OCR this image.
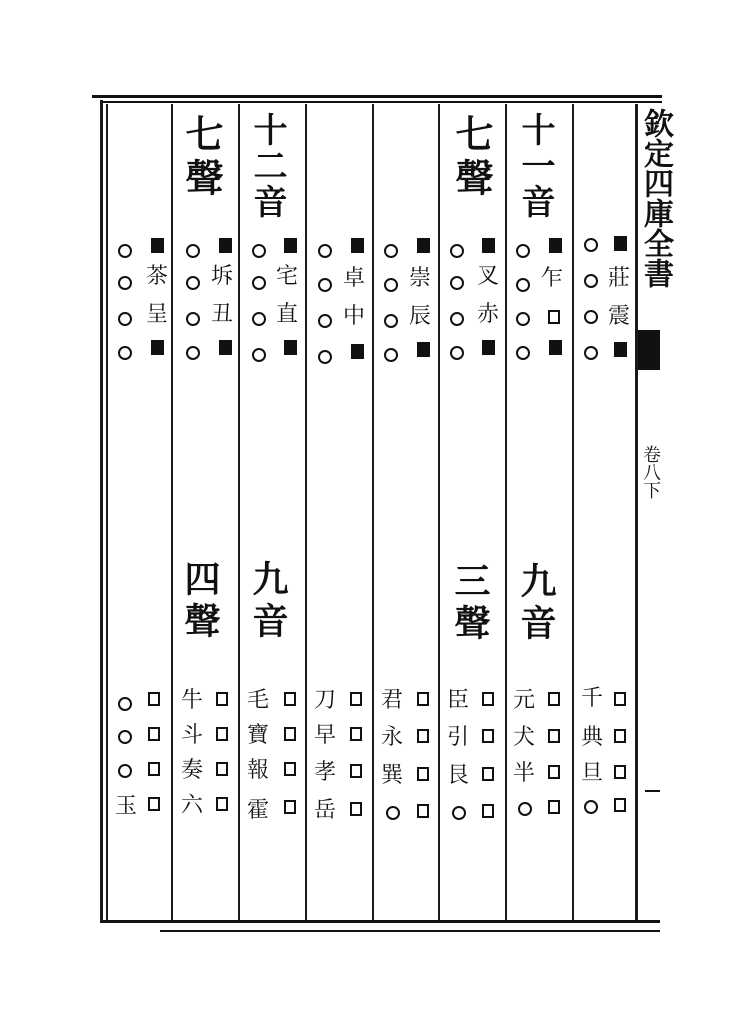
欽定四庫全書
卷八下
茶
呈
玉
七聲
坼
丑
四聲
牛
斗
奏
六
十二音
宅
直
九音
毛
寶
報
霍
卓
中
刀
早
孝
岳
崇
辰
君
永
巽
七聲
叉
赤
三聲
臣
引
艮
十一音
乍
九音
元
犬
半
莊
震
千
典
旦
